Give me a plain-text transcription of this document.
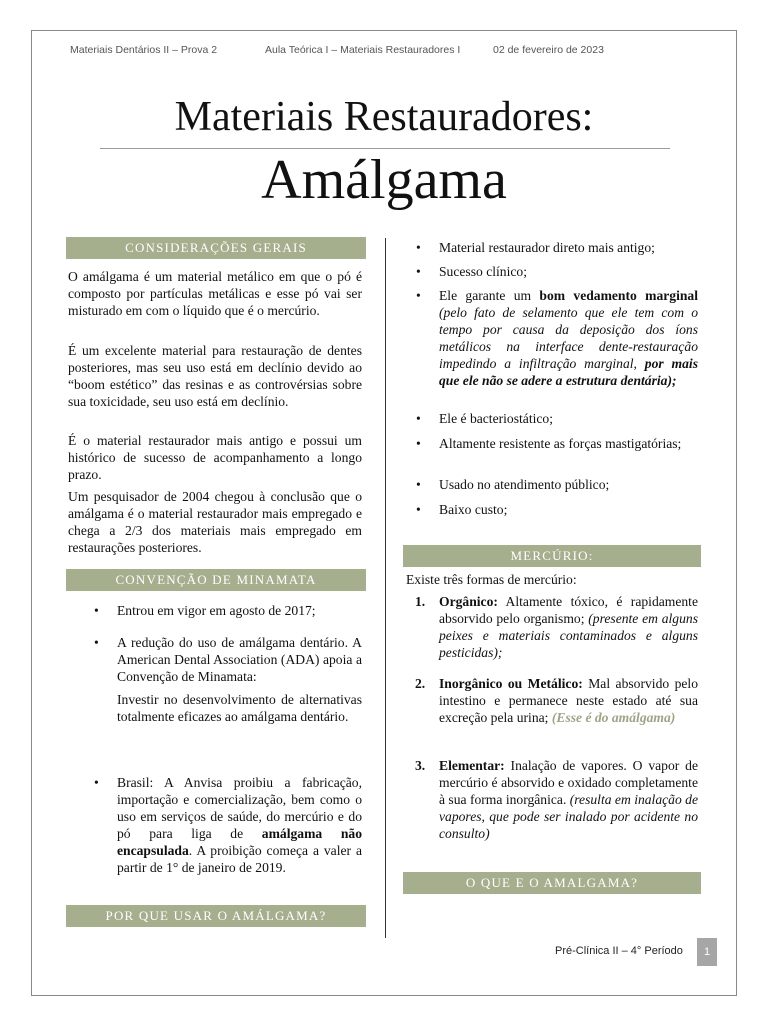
Materiais Dentários II – Prova 2	Aula Teórica I – Materiais Restauradores I	02 de fevereiro de 2023
Materiais Restauradores:
Amálgama
CONSIDERAÇÕES GERAIS

O amálgama é um material metálico em que o pó é composto por partículas metálicas e esse pó vai ser misturado em com o líquido que é o mercúrio.

É um excelente material para restauração de dentes posteriores, mas seu uso está em declínio devido ao “boom estético” das resinas e as controvérsias sobre sua toxicidade, seu uso está em declínio.

É o material restaurador mais antigo e possui um histórico de sucesso de acompanhamento a longo prazo.

Um pesquisador de 2004 chegou à conclusão que o amálgama é o material restaurador mais empregado e chega a 2/3 dos materiais mais empregado em restaurações posteriores.

CONVENÇÃO DE MINAMATA
•	Entrou em vigor em agosto de 2017;
•	A redução do uso de amálgama dentário. A American Dental Association (ADA) apoia a Convenção de Minamata:
Investir no desenvolvimento de alternativas totalmente eficazes ao amálgama dentário.
•	Brasil: A Anvisa proibiu a fabricação, importação e comercialização, bem como o uso em serviços de saúde, do mercúrio e do pó para liga de amálgama não encapsulada. A proibição começa a valer a partir de 1° de janeiro de 2019.
POR QUE USAR O AMÁLGAMA?
•	Material restaurador direto mais antigo;
•	Sucesso clínico;
•	Ele garante um bom vedamento marginal (pelo fato de selamento que ele tem com o tempo por causa da deposição dos íons metálicos na interface dente-restauração impedindo a infiltração marginal, por mais que ele não se adere a estrutura dentária);
•	Ele é bacteriostático;
•	Altamente resistente as forças mastigatórias;
•	Usado no atendimento público;
•	Baixo custo;
MERCÚRIO:

Existe três formas de mercúrio:

1. Orgânico: Altamente tóxico, é rapidamente absorvido pelo organismo; (presente em alguns peixes e materiais contaminados e alguns pesticidas);
2. Inorgânico ou Metálico: Mal absorvido pelo intestino e permanece neste estado até sua excreção pela urina; (Esse é do amálgama)
3. Elementar: Inalação de vapores. O vapor de mercúrio é absorvido e oxidado completamente à sua forma inorgânica. (resulta em inalação de vapores, que pode ser inalado por acidente no consulto)
O QUE E O AMALGAMA?
Pré-Clínica II – 4° Período	1
